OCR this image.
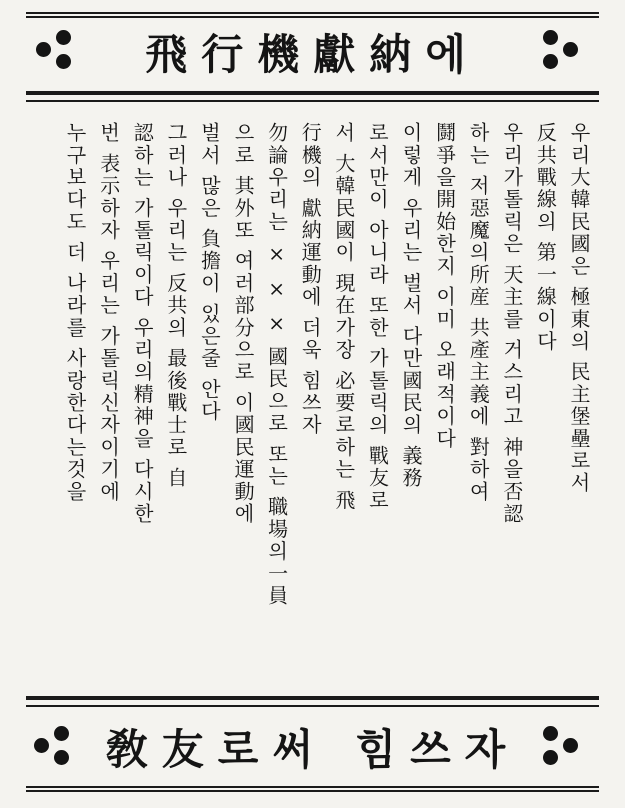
飛行機獻納에

우리大韓民國은 極東의 民主堡壘로서
反共戰線의 第一線이다
우리가톨릭은 天主를 거스리고 神을否認
하는 저惡魔의所産 共產主義에 對하여
鬪爭을開始한지 이미 오래적이다
이렇게 우리는 벌서 다만國民의 義務
로서만이 아니라 또한 가톨릭의 戰友로
서 大韓民國이 現在가장 必要로하는 飛
行機의 獻納運動에 더욱 힘쓰자
勿論우리는 × × × 國民으로 또는 職場의一員
으로 其外또 여러部分으로 이國民運動에
벌서 많은 負擔이 있은줄 안다
그러나 우리는 反共의 最後戰士로 自
認하는 가톨릭이다 우리의精神을 다시한
번 表示하자 우리는 가톨릭신자이기에
누구보다도 더 나라를 사랑한다는것을

敎友로써 힘쓰자
